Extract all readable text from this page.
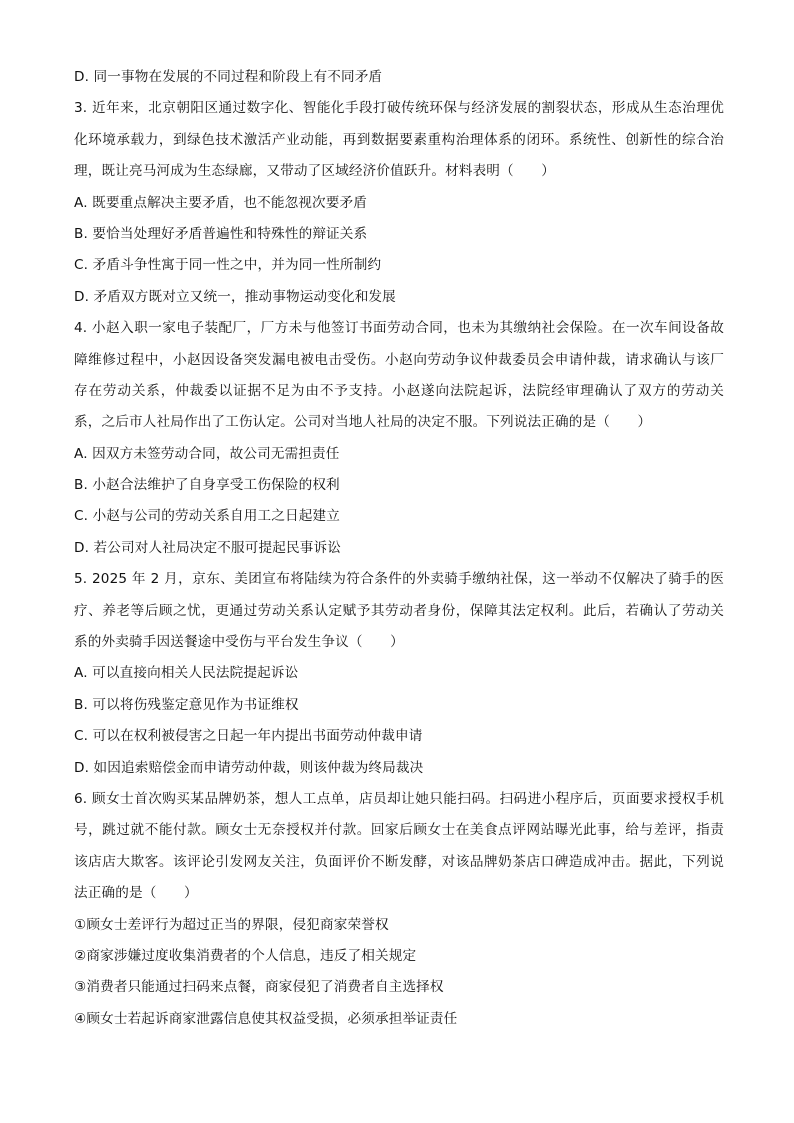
D. 同一事物在发展的不同过程和阶段上有不同矛盾
3. 近年来，北京朝阳区通过数字化、智能化手段打破传统环保与经济发展的割裂状态，形成从生态治理优
化环境承载力，到绿色技术激活产业动能，再到数据要素重构治理体系的闭环。系统性、创新性的综合治
理，既让亮马河成为生态绿廊，又带动了区域经济价值跃升。材料表明（　　）
A. 既要重点解决主要矛盾，也不能忽视次要矛盾
B. 要恰当处理好矛盾普遍性和特殊性的辩证关系
C. 矛盾斗争性寓于同一性之中，并为同一性所制约
D. 矛盾双方既对立又统一，推动事物运动变化和发展
4. 小赵入职一家电子装配厂，厂方未与他签订书面劳动合同，也未为其缴纳社会保险。在一次车间设备故
障维修过程中，小赵因设备突发漏电被电击受伤。小赵向劳动争议仲裁委员会申请仲裁，请求确认与该厂
存在劳动关系，仲裁委以证据不足为由不予支持。小赵遂向法院起诉，法院经审理确认了双方的劳动关
系，之后市人社局作出了工伤认定。公司对当地人社局的决定不服。下列说法正确的是（　　）
A. 因双方未签劳动合同，故公司无需担责任
B. 小赵合法维护了自身享受工伤保险的权利
C. 小赵与公司的劳动关系自用工之日起建立
D. 若公司对人社局决定不服可提起民事诉讼
5. 2025 年 2 月，京东、美团宣布将陆续为符合条件的外卖骑手缴纳社保，这一举动不仅解决了骑手的医
疗、养老等后顾之忧，更通过劳动关系认定赋予其劳动者身份，保障其法定权利。此后，若确认了劳动关
系的外卖骑手因送餐途中受伤与平台发生争议（　　）
A. 可以直接向相关人民法院提起诉讼
B. 可以将伤残鉴定意见作为书证维权
C. 可以在权利被侵害之日起一年内提出书面劳动仲裁申请
D. 如因追索赔偿金而申请劳动仲裁，则该仲裁为终局裁决
6. 顾女士首次购买某品牌奶茶，想人工点单，店员却让她只能扫码。扫码进小程序后，页面要求授权手机
号，跳过就不能付款。顾女士无奈授权并付款。回家后顾女士在美食点评网站曝光此事，给与差评，指责
该店店大欺客。该评论引发网友关注，负面评价不断发酵，对该品牌奶茶店口碑造成冲击。据此，下列说
法正确的是（　　）
①顾女士差评行为超过正当的界限，侵犯商家荣誉权
②商家涉嫌过度收集消费者的个人信息，违反了相关规定
③消费者只能通过扫码来点餐，商家侵犯了消费者自主选择权
④顾女士若起诉商家泄露信息使其权益受损，必须承担举证责任
